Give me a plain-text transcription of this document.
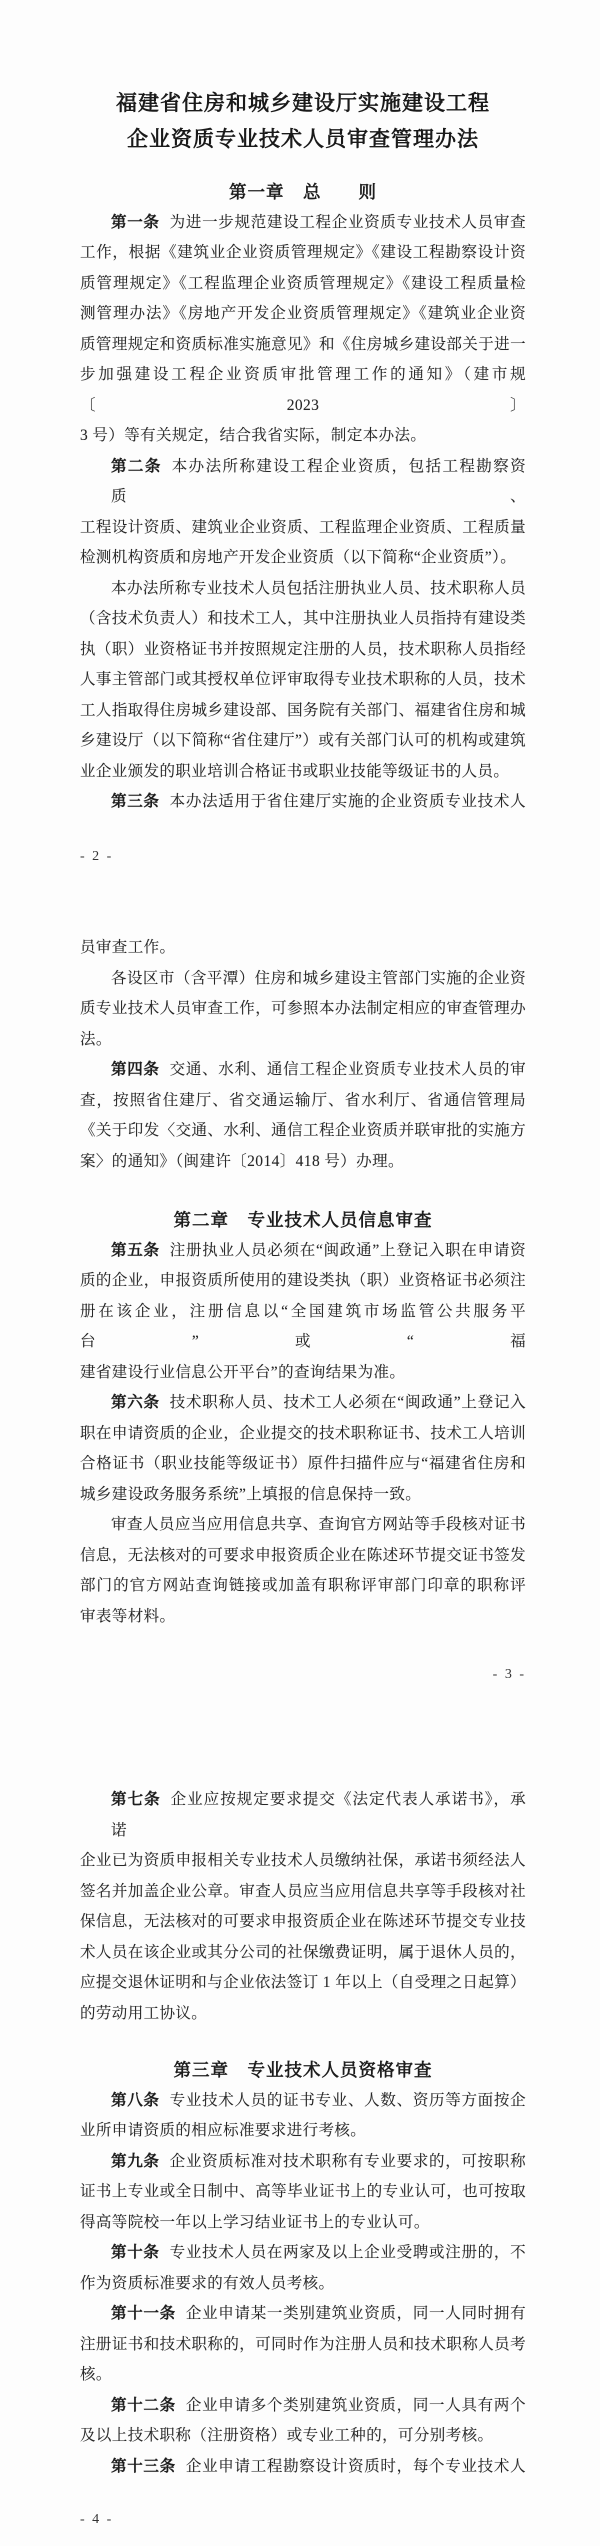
福建省住房和城乡建设厅实施建设工程
企业资质专业技术人员审查管理办法
第一章　总　　则
第一条 为进一步规范建设工程企业资质专业技术人员审查
工作，根据《建筑业企业资质管理规定》《建设工程勘察设计资
质管理规定》《工程监理企业资质管理规定》《建设工程质量检
测管理办法》《房地产开发企业资质管理规定》《建筑业企业资
质管理规定和资质标准实施意见》和《住房城乡建设部关于进一
步加强建设工程企业资质审批管理工作的通知》（建市规〔2023〕
3 号）等有关规定，结合我省实际，制定本办法。
第二条 本办法所称建设工程企业资质，包括工程勘察资质、
工程设计资质、建筑业企业资质、工程监理企业资质、工程质量
检测机构资质和房地产开发企业资质（以下简称“企业资质”）。
本办法所称专业技术人员包括注册执业人员、技术职称人员
（含技术负责人）和技术工人，其中注册执业人员指持有建设类
执（职）业资格证书并按照规定注册的人员，技术职称人员指经
人事主管部门或其授权单位评审取得专业技术职称的人员，技术
工人指取得住房城乡建设部、国务院有关部门、福建省住房和城
乡建设厅（以下简称“省住建厅”）或有关部门认可的机构或建筑
业企业颁发的职业培训合格证书或职业技能等级证书的人员。
第三条 本办法适用于省住建厅实施的企业资质专业技术人
- 2 -
员审查工作。
各设区市（含平潭）住房和城乡建设主管部门实施的企业资
质专业技术人员审查工作，可参照本办法制定相应的审查管理办
法。
第四条 交通、水利、通信工程企业资质专业技术人员的审
查，按照省住建厅、省交通运输厅、省水利厅、省通信管理局
《关于印发〈交通、水利、通信工程企业资质并联审批的实施方
案〉的通知》（闽建许〔2014〕418 号）办理。
第二章　专业技术人员信息审查
第五条 注册执业人员必须在“闽政通”上登记入职在申请资
质的企业，申报资质所使用的建设类执（职）业资格证书必须注
册在该企业，注册信息以“全国建筑市场监管公共服务平台”或“福
建省建设行业信息公开平台”的查询结果为准。
第六条 技术职称人员、技术工人必须在“闽政通”上登记入
职在申请资质的企业，企业提交的技术职称证书、技术工人培训
合格证书（职业技能等级证书）原件扫描件应与“福建省住房和
城乡建设政务服务系统”上填报的信息保持一致。
审查人员应当应用信息共享、查询官方网站等手段核对证书
信息，无法核对的可要求申报资质企业在陈述环节提交证书签发
部门的官方网站查询链接或加盖有职称评审部门印章的职称评
审表等材料。
- 3 -
第七条 企业应按规定要求提交《法定代表人承诺书》，承诺
企业已为资质申报相关专业技术人员缴纳社保，承诺书须经法人
签名并加盖企业公章。审查人员应当应用信息共享等手段核对社
保信息，无法核对的可要求申报资质企业在陈述环节提交专业技
术人员在该企业或其分公司的社保缴费证明，属于退休人员的，
应提交退休证明和与企业依法签订 1 年以上（自受理之日起算）
的劳动用工协议。
第三章　专业技术人员资格审查
第八条 专业技术人员的证书专业、人数、资历等方面按企
业所申请资质的相应标准要求进行考核。
第九条 企业资质标准对技术职称有专业要求的，可按职称
证书上专业或全日制中、高等毕业证书上的专业认可，也可按取
得高等院校一年以上学习结业证书上的专业认可。
第十条 专业技术人员在两家及以上企业受聘或注册的，不
作为资质标准要求的有效人员考核。
第十一条 企业申请某一类别建筑业资质，同一人同时拥有
注册证书和技术职称的，可同时作为注册人员和技术职称人员考
核。
第十二条 企业申请多个类别建筑业资质，同一人具有两个
及以上技术职称（注册资格）或专业工种的，可分别考核。
第十三条 企业申请工程勘察设计资质时，每个专业技术人
- 4 -
